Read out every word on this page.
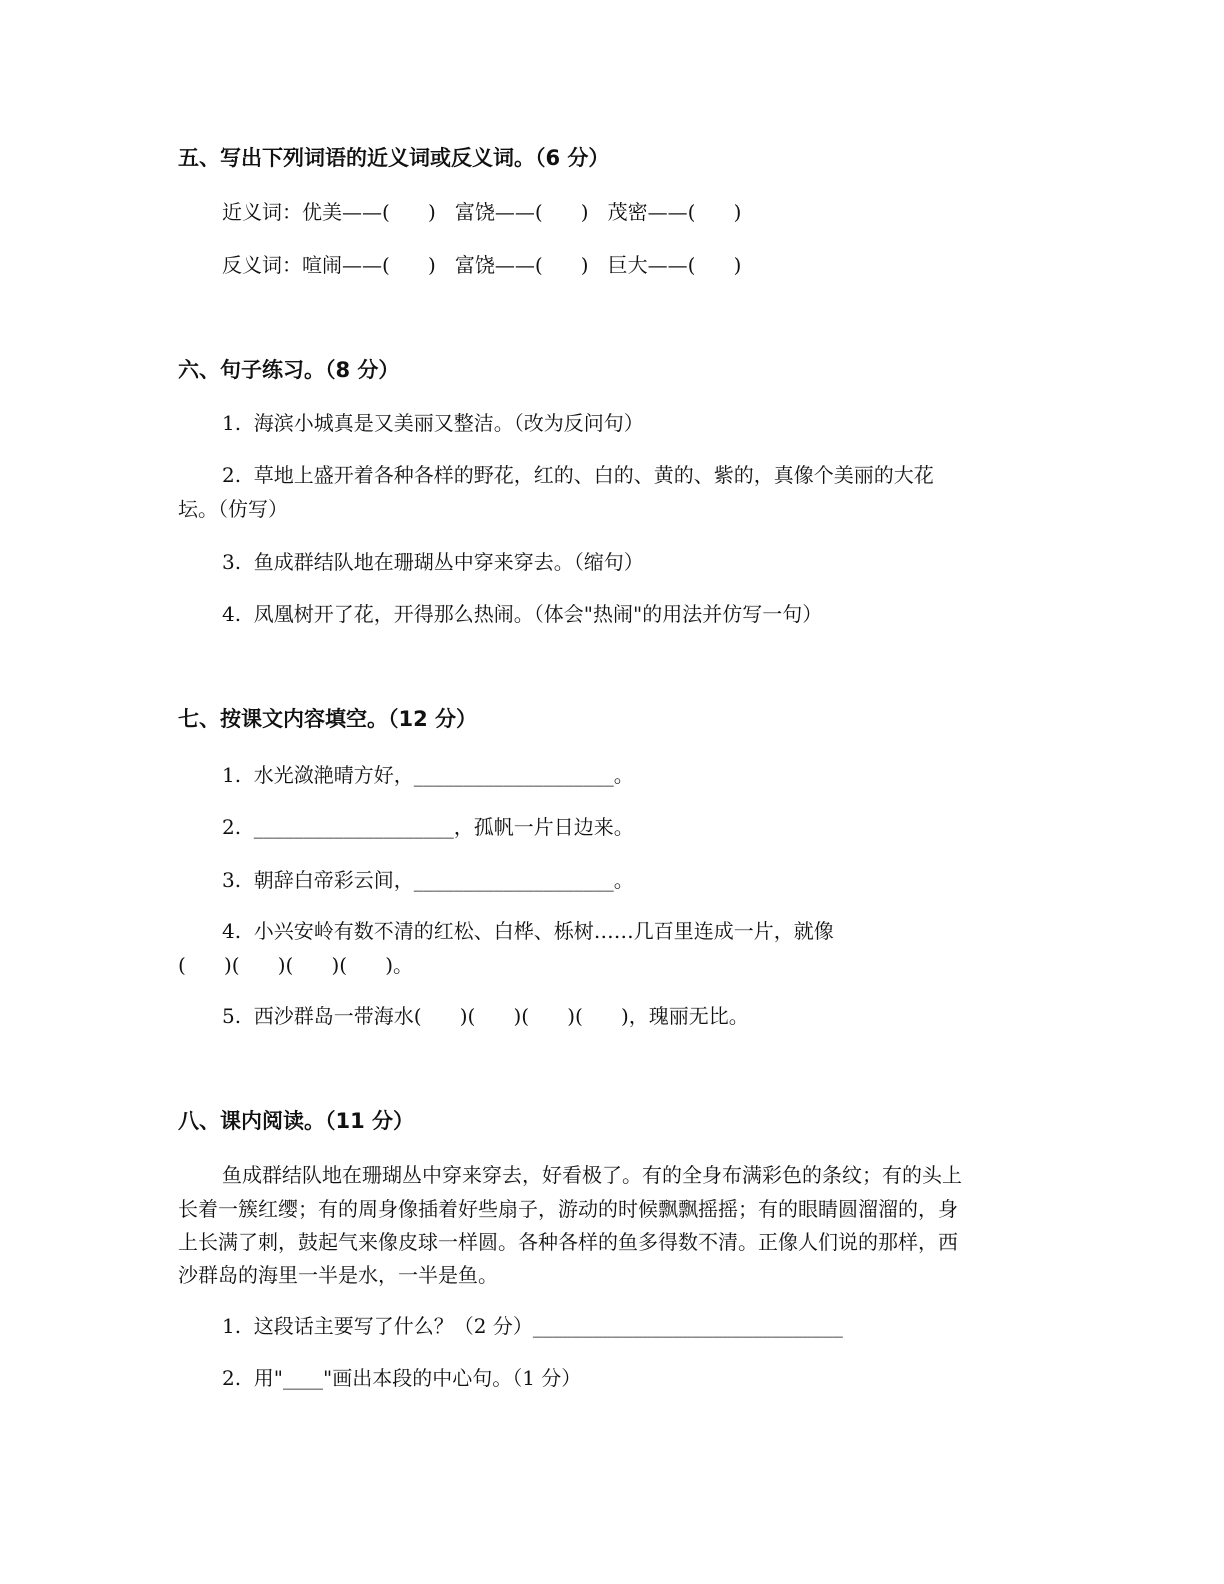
五、写出下列词语的近义词或反义词。（6 分）
近义词：优美——(      )   富饶——(      )   茂密——(      )
反义词：喧闹——(      )   富饶——(      )   巨大——(      )
六、句子练习。（8 分）
1.  海滨小城真是又美丽又整洁。（改为反问句）
2.  草地上盛开着各种各样的野花，红的、白的、黄的、紫的，真像个美丽的大花
坛。（仿写）
3.  鱼成群结队地在珊瑚丛中穿来穿去。（缩句）
4.  凤凰树开了花，开得那么热闹。（体会"热闹"的用法并仿写一句）
七、按课文内容填空。（12 分）
1.  水光潋滟晴方好，____________________。
2.  ____________________，孤帆一片日边来。
3.  朝辞白帝彩云间，____________________。
4.  小兴安岭有数不清的红松、白桦、栎树……几百里连成一片，就像
(      )(      )(      )(      )。
5.  西沙群岛一带海水(      )(      )(      )(      )，瑰丽无比。
八、课内阅读。（11 分）
鱼成群结队地在珊瑚丛中穿来穿去，好看极了。有的全身布满彩色的条纹；有的头上
长着一簇红缨；有的周身像插着好些扇子，游动的时候飘飘摇摇；有的眼睛圆溜溜的，身
上长满了刺，鼓起气来像皮球一样圆。各种各样的鱼多得数不清。正像人们说的那样，西
沙群岛的海里一半是水，一半是鱼。
1.  这段话主要写了什么？（2 分）_______________________________
2.  用"____"画出本段的中心句。（1 分）
